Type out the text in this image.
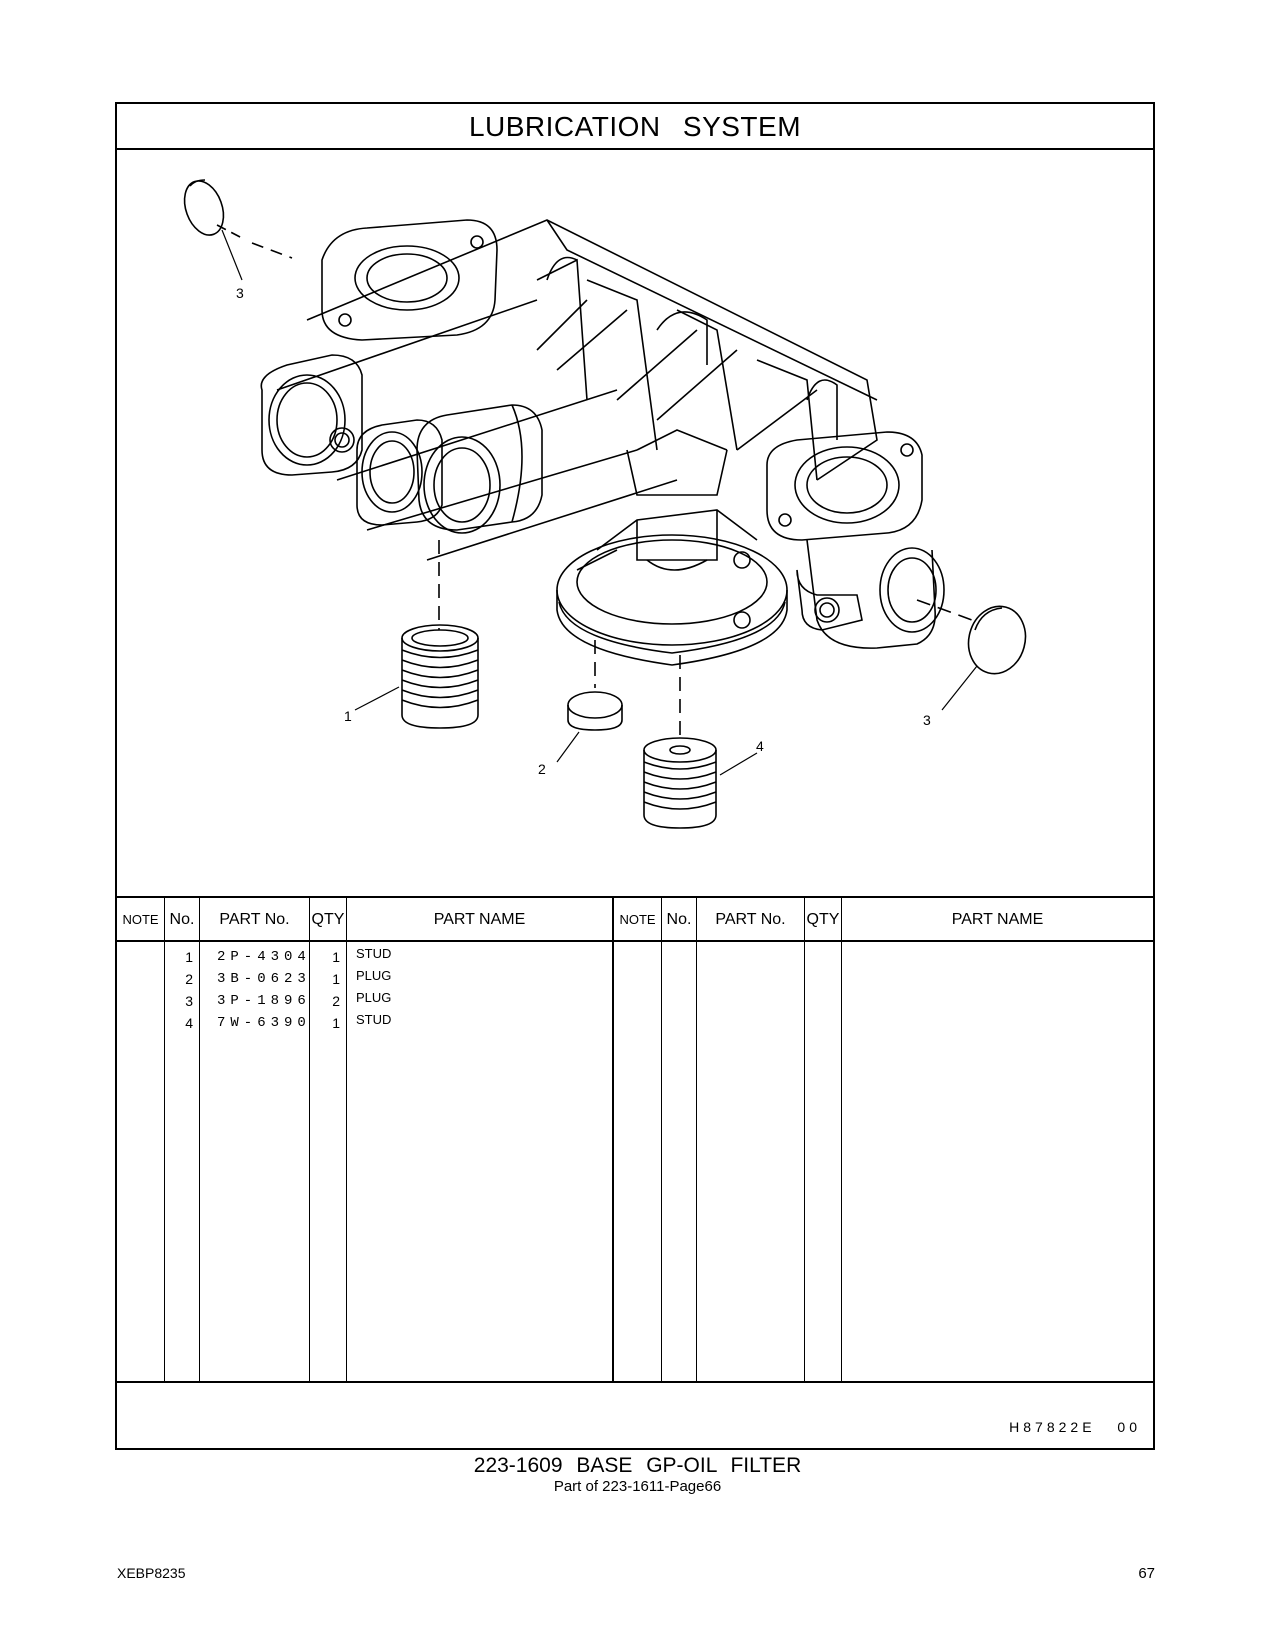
LUBRICATION SYSTEM
3
1
2
4
3
NOTE No.	PART No.	QTY	PART NAME	NOTE No.	PART No.	QTY	PART NAME
1 2P-4304	1 STUD
2 3B-0623	1 PLUG
3 3P-1896	2 PLUG
4 7W-6390	1 STUD
H87822E 00
223-1609 BASE GP-OIL FILTER
Part of 223-1611-Page66
XEBP8235	67
